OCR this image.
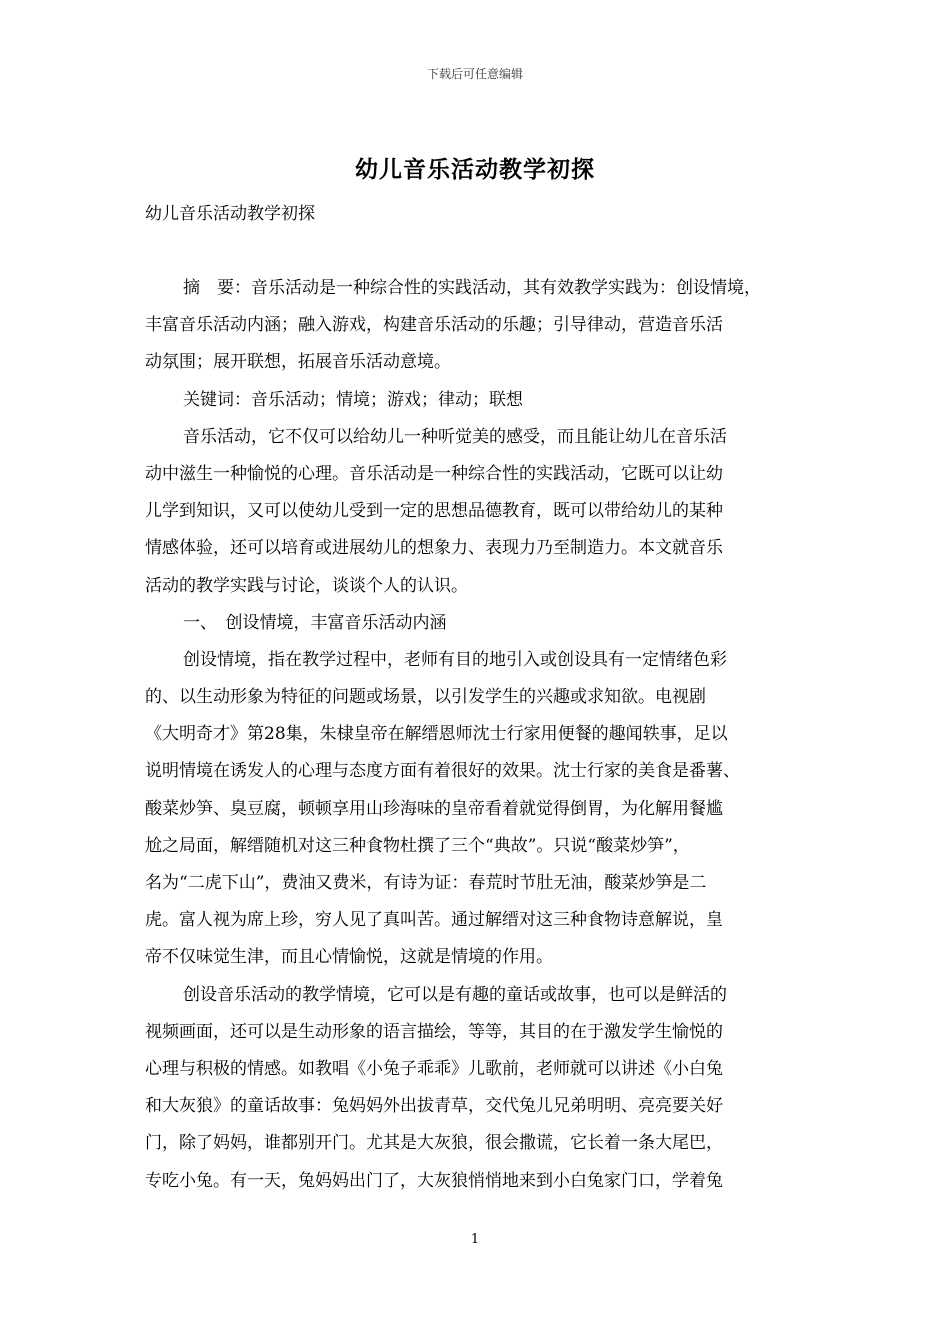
下载后可任意编辑
幼儿音乐活动教学初探
幼儿音乐活动教学初探
摘　要：音乐活动是一种综合性的实践活动，其有效教学实践为：创设情境，
丰富音乐活动内涵；融入游戏，构建音乐活动的乐趣；引导律动，营造音乐活
动氛围；展开联想，拓展音乐活动意境。
关键词：音乐活动；情境；游戏；律动；联想
音乐活动，它不仅可以给幼儿一种听觉美的感受，而且能让幼儿在音乐活
动中滋生一种愉悦的心理。音乐活动是一种综合性的实践活动，它既可以让幼
儿学到知识，又可以使幼儿受到一定的思想品德教育，既可以带给幼儿的某种
情感体验，还可以培育或进展幼儿的想象力、表现力乃至制造力。本文就音乐
活动的教学实践与讨论，谈谈个人的认识。
一、　创设情境，丰富音乐活动内涵
创设情境，指在教学过程中，老师有目的地引入或创设具有一定情绪色彩
的、以生动形象为特征的问题或场景，以引发学生的兴趣或求知欲。电视剧
《大明奇才》第28集，朱棣皇帝在解缙恩师沈士行家用便餐的趣闻轶事，足以
说明情境在诱发人的心理与态度方面有着很好的效果。沈士行家的美食是番薯、
酸菜炒笋、臭豆腐，顿顿享用山珍海味的皇帝看着就觉得倒胃，为化解用餐尴
尬之局面，解缙随机对这三种食物杜撰了三个“典故”。只说“酸菜炒笋”，
名为“二虎下山”，费油又费米，有诗为证：春荒时节肚无油，酸菜炒笋是二
虎。富人视为席上珍，穷人见了真叫苦。通过解缙对这三种食物诗意解说，皇
帝不仅味觉生津，而且心情愉悦，这就是情境的作用。
创设音乐活动的教学情境，它可以是有趣的童话或故事，也可以是鲜活的
视频画面，还可以是生动形象的语言描绘，等等，其目的在于激发学生愉悦的
心理与积极的情感。如教唱《小兔子乖乖》儿歌前，老师就可以讲述《小白兔
和大灰狼》的童话故事：兔妈妈外出拔青草，交代兔儿兄弟明明、亮亮要关好
门，除了妈妈，谁都别开门。尤其是大灰狼，很会撒谎，它长着一条大尾巴，
专吃小兔。有一天，兔妈妈出门了，大灰狼悄悄地来到小白兔家门口，学着兔
1
